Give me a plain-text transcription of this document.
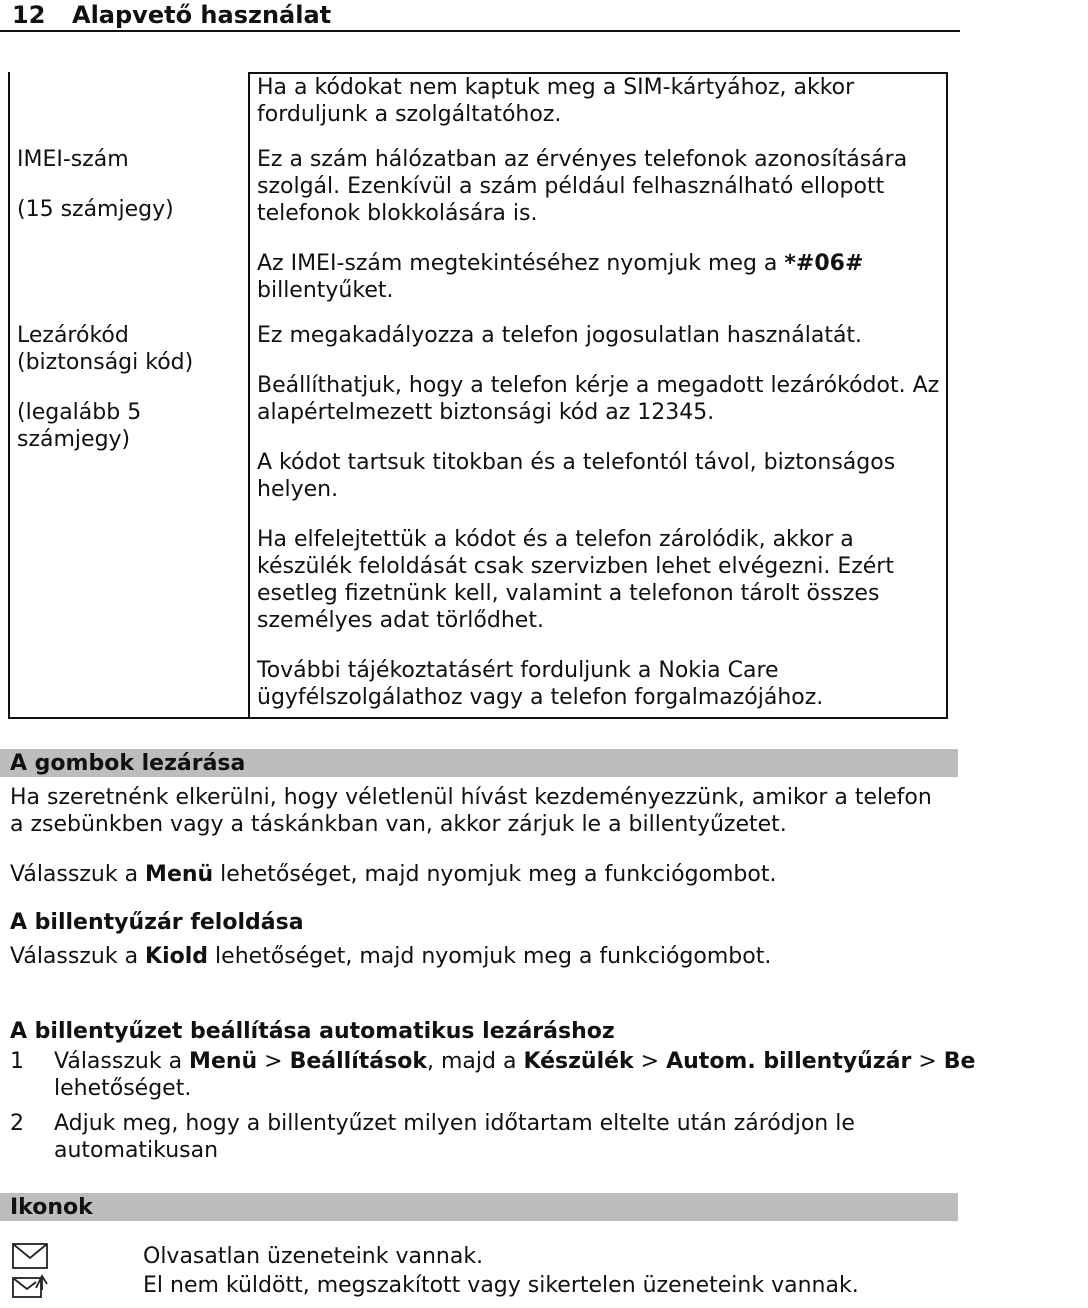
12 Alapvető használat
Ha a kódokat nem kaptuk meg a SIM-kártyához, akkor
forduljunk a szolgáltatóhoz.
IMEI-szám
(15 számjegy)
Ez a szám hálózatban az érvényes telefonok azonosítására
szolgál. Ezenkívül a szám például felhasználható ellopott
telefonok blokkolására is.
Az IMEI-szám megtekintéséhez nyomjuk meg a *#06#
billentyűket.
Lezárókód
(biztonsági kód)
(legalább 5
számjegy)
Ez megakadályozza a telefon jogosulatlan használatát.
Beállíthatjuk, hogy a telefon kérje a megadott lezárókódot. Az
alapértelmezett biztonsági kód az 12345.
A kódot tartsuk titokban és a telefontól távol, biztonságos
helyen.
Ha elfelejtettük a kódot és a telefon zárolódik, akkor a
készülék feloldását csak szervizben lehet elvégezni. Ezért
esetleg fizetnünk kell, valamint a telefonon tárolt összes
személyes adat törlődhet.
További tájékoztatásért forduljunk a Nokia Care
ügyfélszolgálathoz vagy a telefon forgalmazójához.
A gombok lezárása
Ha szeretnénk elkerülni, hogy véletlenül hívást kezdeményezzünk, amikor a telefon
a zsebünkben vagy a táskánkban van, akkor zárjuk le a billentyűzetet.
Válasszuk a Menü lehetőséget, majd nyomjuk meg a funkciógombot.
A billentyűzár feloldása
Válasszuk a Kiold lehetőséget, majd nyomjuk meg a funkciógombot.
A billentyűzet beállítása automatikus lezáráshoz
1 Válasszuk a Menü > Beállítások, majd a Készülék > Autom. billentyűzár > Be
lehetőséget.
2 Adjuk meg, hogy a billentyűzet milyen időtartam eltelte után záródjon le
automatikusan
Ikonok
Olvasatlan üzeneteink vannak.
El nem küldött, megszakított vagy sikertelen üzeneteink vannak.
